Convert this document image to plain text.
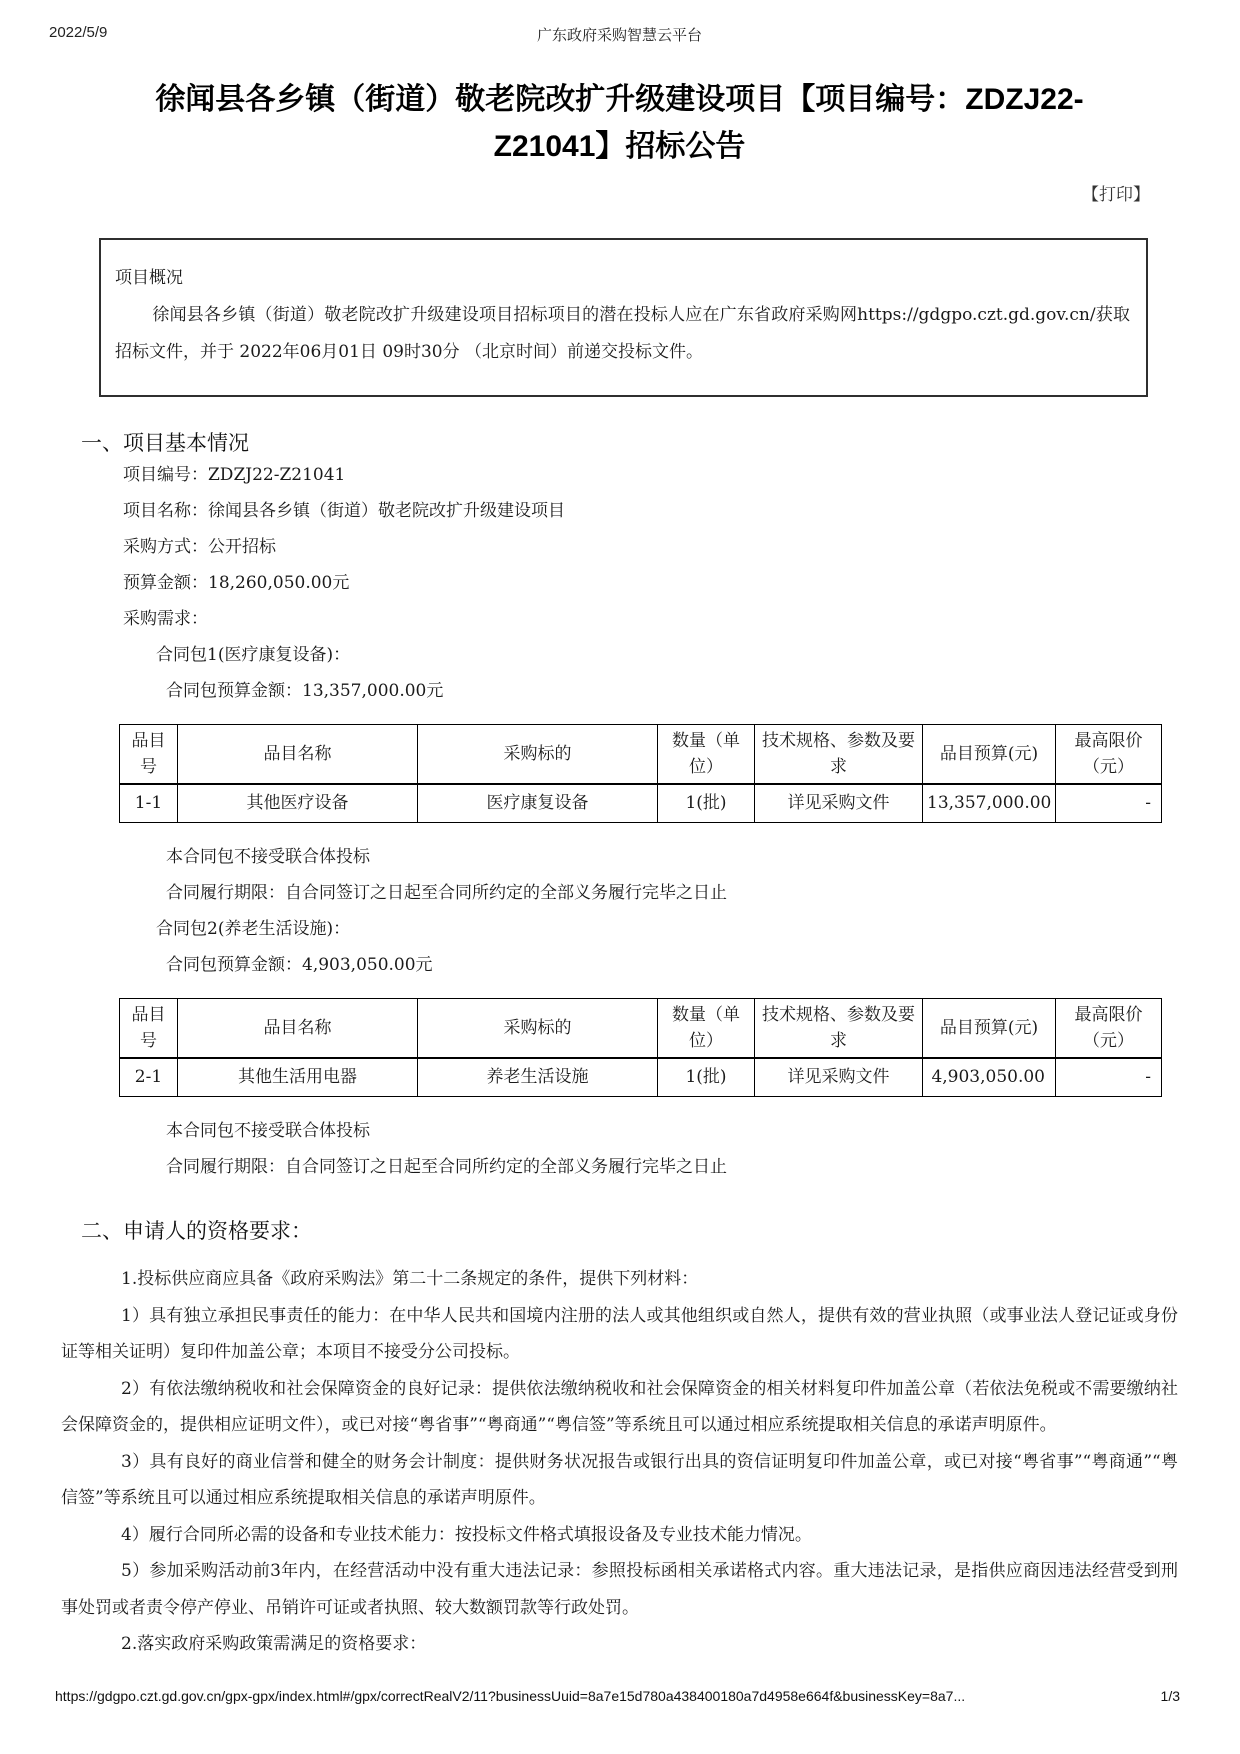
2022/5/9	广东政府采购智慧云平台
徐闻县各乡镇（街道）敬老院改扩升级建设项目【项目编号：ZDZJ22-Z21041】招标公告
【打印】

项目概况

徐闻县各乡镇（街道）敬老院改扩升级建设项目招标项目的潜在投标人应在广东省政府采购网https://gdgpo.czt.gd.gov.cn/获取招标文件，并于 2022年06月01日 09时30分 （北京时间）前递交投标文件。

一、项目基本情况

项目编号：ZDZJ22-Z21041

项目名称：徐闻县各乡镇（街道）敬老院改扩升级建设项目

采购方式：公开招标

预算金额：18,260,050.00元

采购需求：

合同包1(医疗康复设备)：

合同包预算金额：13,357,000.00元

品目号	品目名称	采购标的	数量（单位）	技术规格、参数及要求	品目预算(元)	最高限价（元）
1-1	其他医疗设备	医疗康复设备	1(批)	详见采购文件	13,357,000.00	-

本合同包不接受联合体投标

合同履行期限：自合同签订之日起至合同所约定的全部义务履行完毕之日止

合同包2(养老生活设施)：

合同包预算金额：4,903,050.00元

品目号	品目名称	采购标的	数量（单位）	技术规格、参数及要求	品目预算(元)	最高限价（元）
2-1	其他生活用电器	养老生活设施	1(批)	详见采购文件	4,903,050.00	-

本合同包不接受联合体投标

合同履行期限：自合同签订之日起至合同所约定的全部义务履行完毕之日止

二、申请人的资格要求：

1.投标供应商应具备《政府采购法》第二十二条规定的条件，提供下列材料：

1）具有独立承担民事责任的能力：在中华人民共和国境内注册的法人或其他组织或自然人，提供有效的营业执照（或事业法人登记证或身份证等相关证明）复印件加盖公章；本项目不接受分公司投标。

2）有依法缴纳税收和社会保障资金的良好记录：提供依法缴纳税收和社会保障资金的相关材料复印件加盖公章（若依法免税或不需要缴纳社会保障资金的，提供相应证明文件），或已对接“粤省事”“粤商通”“粤信签”等系统且可以通过相应系统提取相关信息的承诺声明原件。

3）具有良好的商业信誉和健全的财务会计制度：提供财务状况报告或银行出具的资信证明复印件加盖公章，或已对接“粤省事”“粤商通”“粤信签”等系统且可以通过相应系统提取相关信息的承诺声明原件。

4）履行合同所必需的设备和专业技术能力：按投标文件格式填报设备及专业技术能力情况。

5）参加采购活动前3年内，在经营活动中没有重大违法记录：参照投标函相关承诺格式内容。重大违法记录，是指供应商因违法经营受到刑事处罚或者责令停产停业、吊销许可证或者执照、较大数额罚款等行政处罚。

2.落实政府采购政策需满足的资格要求：

https://gdgpo.czt.gd.gov.cn/gpx-gpx/index.html#/gpx/correctRealV2/11?businessUuid=8a7e15d780a438400180a7d4958e664f&businessKey=8a7...	1/3
